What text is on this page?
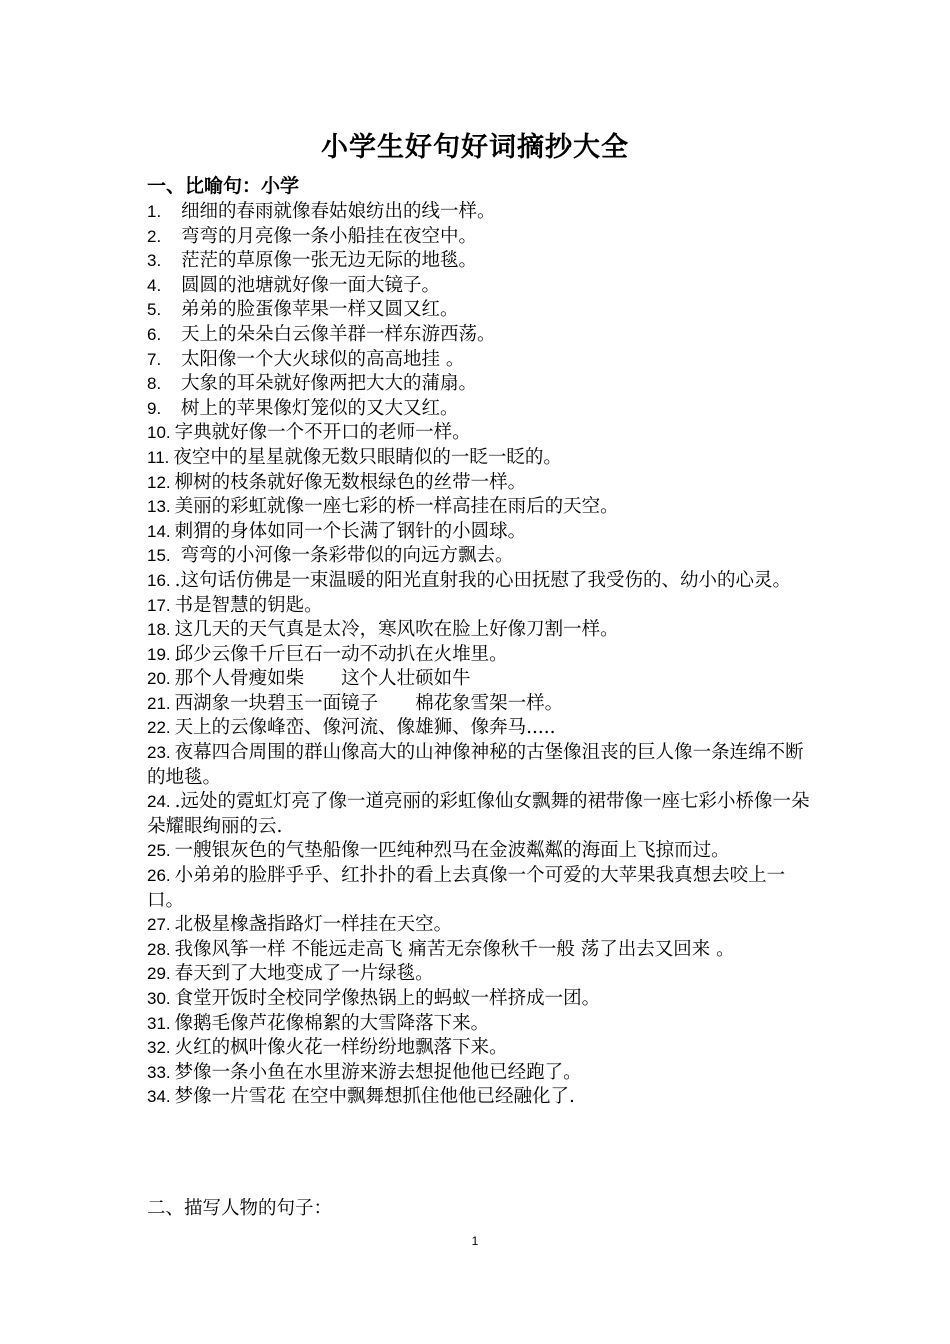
小学生好句好词摘抄大全
一、比喻句：小学
1. 细细的春雨就像春姑娘纺出的线一样。
2. 弯弯的月亮像一条小船挂在夜空中。
3. 茫茫的草原像一张无边无际的地毯。
4. 圆圆的池塘就好像一面大镜子。
5. 弟弟的脸蛋像苹果一样又圆又红。
6. 天上的朵朵白云像羊群一样东游西荡。
7. 太阳像一个大火球似的高高地挂 。
8. 大象的耳朵就好像两把大大的蒲扇。
9. 树上的苹果像灯笼似的又大又红。
10. 字典就好像一个不开口的老师一样。
11. 夜空中的星星就像无数只眼睛似的一眨一眨的。
12. 柳树的枝条就好像无数根绿色的丝带一样。
13. 美丽的彩虹就像一座七彩的桥一样高挂在雨后的天空。
14. 刺猬的身体如同一个长满了钢针的小圆球。
15. 弯弯的小河像一条彩带似的向远方飘去。
16. .这句话仿佛是一束温暖的阳光直射我的心田抚慰了我受伤的、幼小的心灵。
17. 书是智慧的钥匙。
18. 这几天的天气真是太冷，寒风吹在脸上好像刀割一样。
19. 邱少云像千斤巨石一动不动扒在火堆里。
20. 那个人骨瘦如柴　　这个人壮硕如牛
21. 西湖象一块碧玉一面镜子　　棉花象雪架一样。
22. 天上的云像峰峦、像河流、像雄狮、像奔马.....
23. 夜幕四合周围的群山像高大的山神像神秘的古堡像沮丧的巨人像一条连绵不断的地毯。
24. .远处的霓虹灯亮了像一道亮丽的彩虹像仙女飘舞的裙带像一座七彩小桥像一朵朵耀眼绚丽的云.
25. 一艘银灰色的气垫船像一匹纯种烈马在金波粼粼的海面上飞掠而过。
26. 小弟弟的脸胖乎乎、红扑扑的看上去真像一个可爱的大苹果我真想去咬上一口。
27. 北极星橡盏指路灯一样挂在天空。
28. 我像风筝一样 不能远走高飞 痛苦无奈像秋千一般 荡了出去又回来 。
29. 春天到了大地变成了一片绿毯。
30. 食堂开饭时全校同学像热锅上的蚂蚁一样挤成一团。
31. 像鹅毛像芦花像棉絮的大雪降落下来。
32. 火红的枫叶像火花一样纷纷地飘落下来。
33. 梦像一条小鱼在水里游来游去想捉他他已经跑了。
34. 梦像一片雪花 在空中飘舞想抓住他他已经融化了.
二、描写人物的句子：
1
